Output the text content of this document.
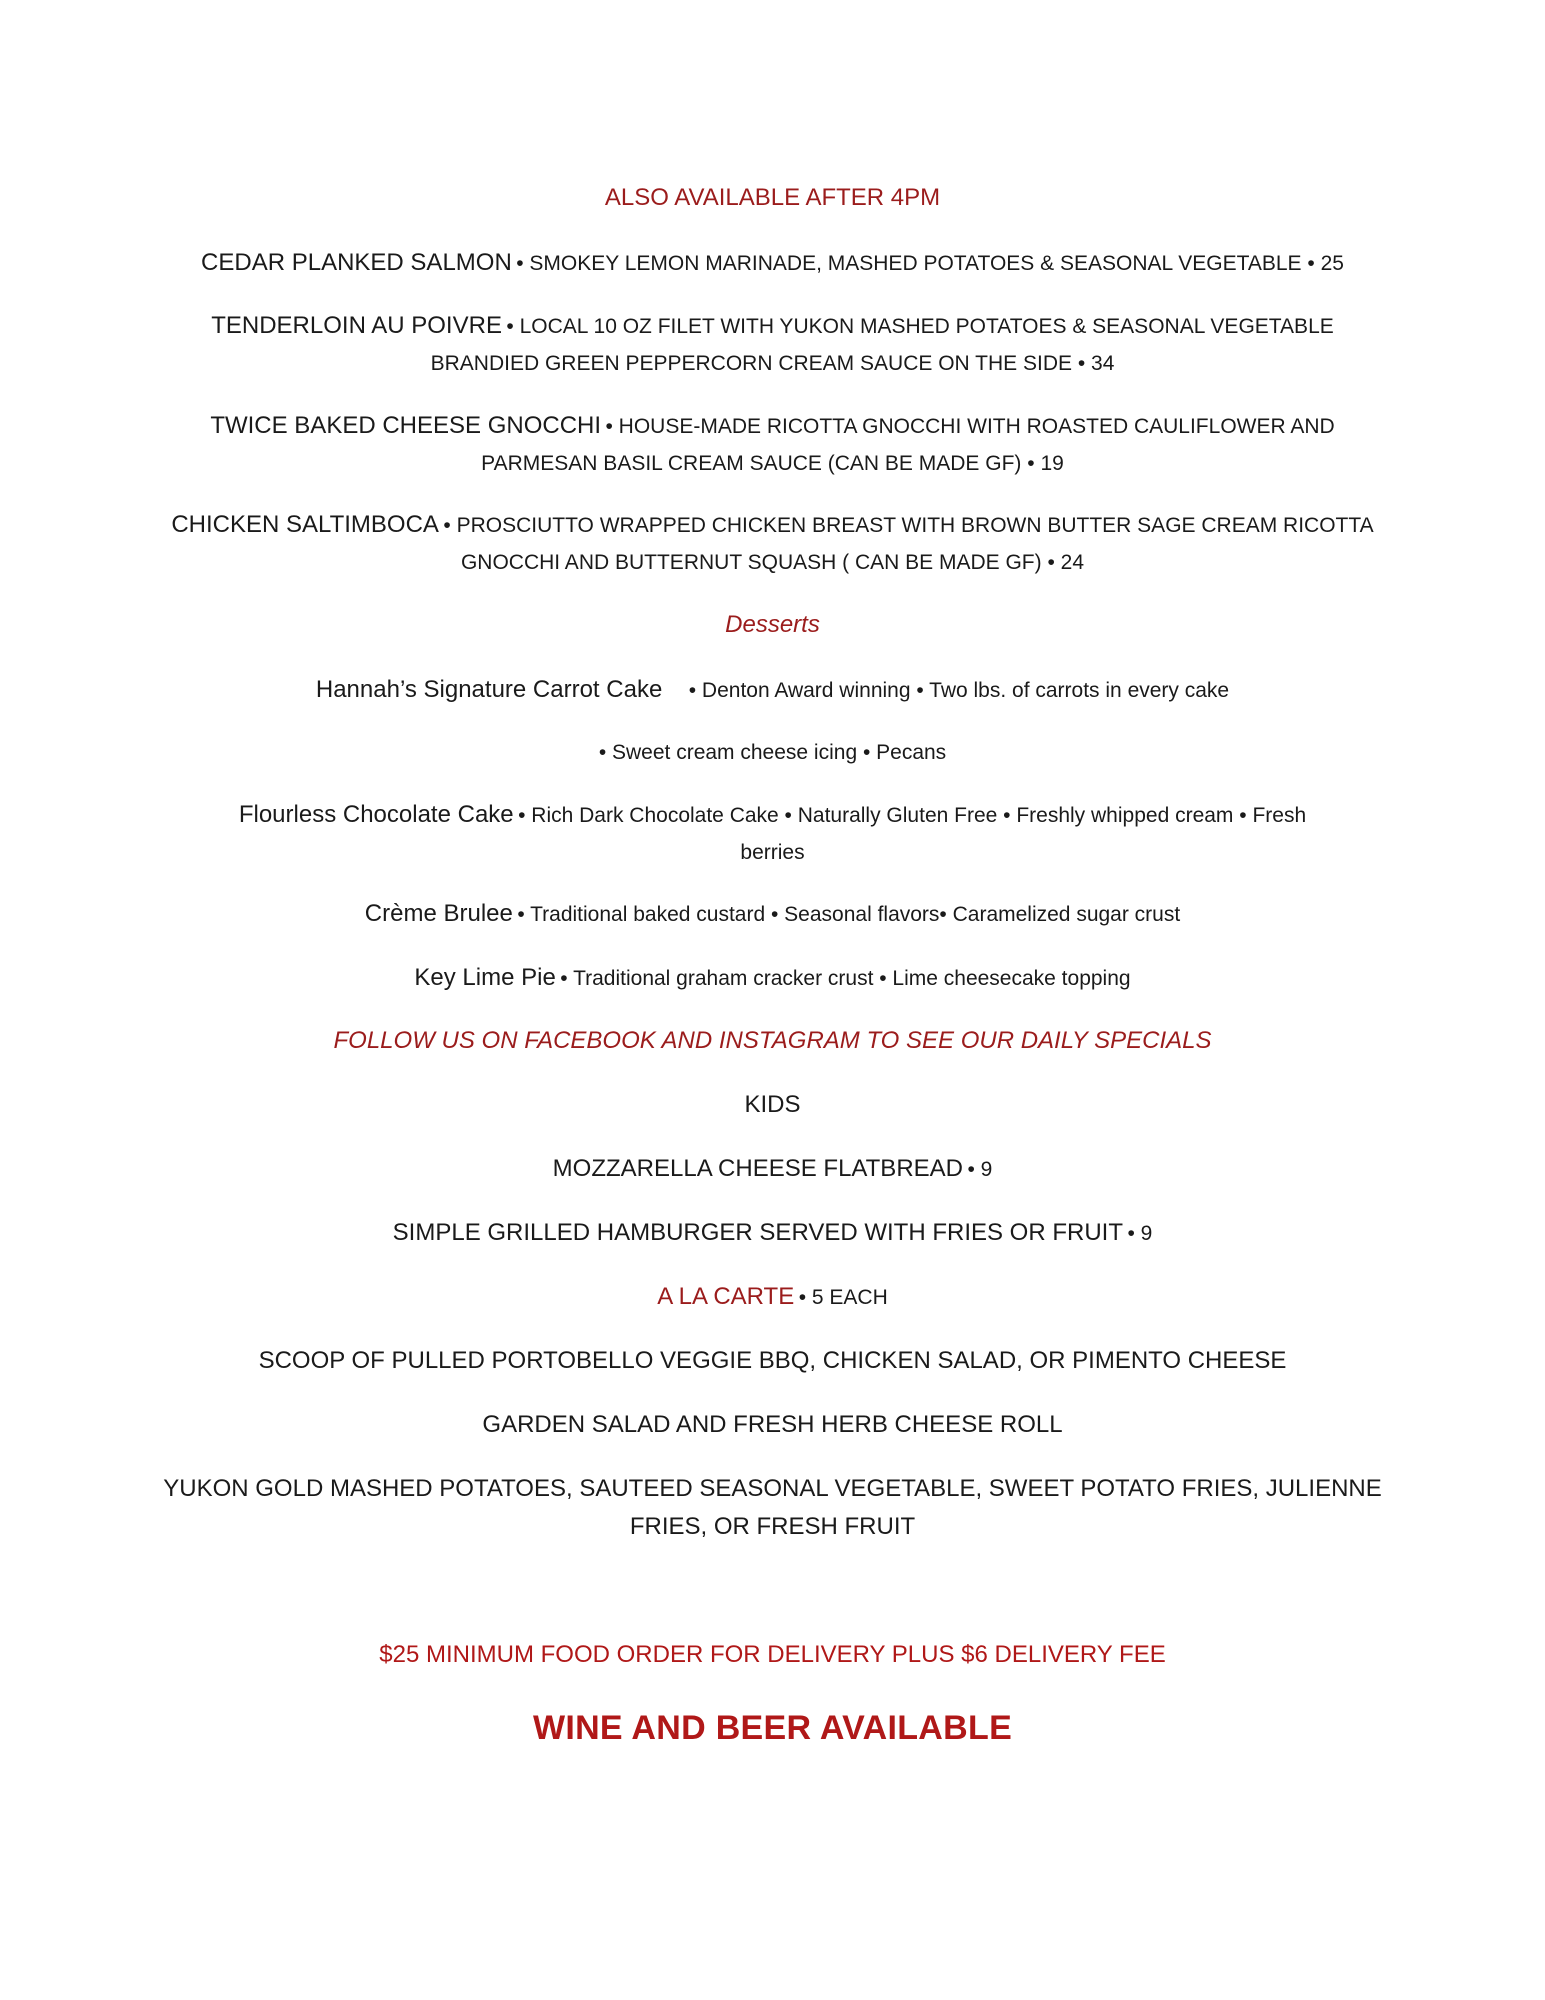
ALSO AVAILABLE AFTER 4PM
CEDAR PLANKED SALMON • SMOKEY LEMON MARINADE, MASHED POTATOES & SEASONAL VEGETABLE • 25
TENDERLOIN AU POIVRE • LOCAL 10 OZ FILET WITH YUKON MASHED POTATOES & SEASONAL VEGETABLE
BRANDIED GREEN PEPPERCORN CREAM SAUCE ON THE SIDE • 34
TWICE BAKED CHEESE GNOCCHI • HOUSE-MADE RICOTTA GNOCCHI WITH ROASTED CAULIFLOWER AND
PARMESAN BASIL CREAM SAUCE (CAN BE MADE GF) • 19
CHICKEN SALTIMBOCA • PROSCIUTTO WRAPPED CHICKEN BREAST WITH BROWN BUTTER SAGE CREAM RICOTTA
GNOCCHI AND BUTTERNUT SQUASH ( CAN BE MADE GF) • 24
Desserts
Hannah’s Signature Carrot Cake • Denton Award winning • Two lbs. of carrots in every cake
• Sweet cream cheese icing • Pecans
Flourless Chocolate Cake • Rich Dark Chocolate Cake • Naturally Gluten Free • Freshly whipped cream • Fresh
berries
Crème Brulee • Traditional baked custard • Seasonal flavors• Caramelized sugar crust
Key Lime Pie • Traditional graham cracker crust • Lime cheesecake topping
FOLLOW US ON FACEBOOK AND INSTAGRAM TO SEE OUR DAILY SPECIALS
KIDS
MOZZARELLA CHEESE FLATBREAD • 9
SIMPLE GRILLED HAMBURGER SERVED WITH FRIES OR FRUIT • 9
A LA CARTE • 5 EACH
SCOOP OF PULLED PORTOBELLO VEGGIE BBQ, CHICKEN SALAD, OR PIMENTO CHEESE
GARDEN SALAD AND FRESH HERB CHEESE ROLL
YUKON GOLD MASHED POTATOES, SAUTEED SEASONAL VEGETABLE, SWEET POTATO FRIES, JULIENNE
FRIES, OR FRESH FRUIT
$25 MINIMUM FOOD ORDER FOR DELIVERY PLUS $6 DELIVERY FEE
WINE AND BEER AVAILABLE
